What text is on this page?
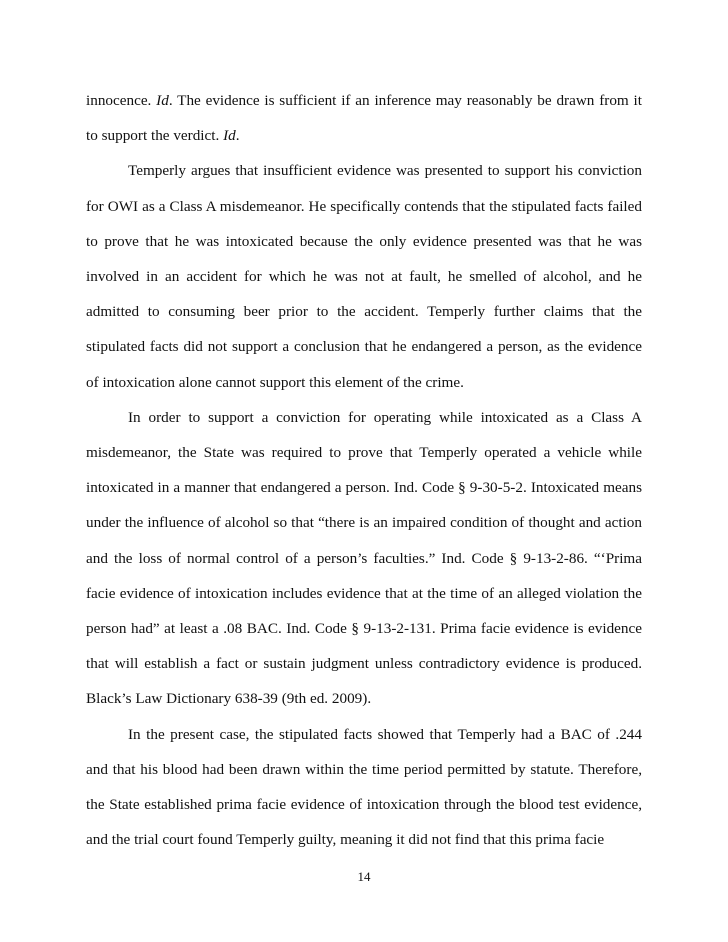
innocence. Id. The evidence is sufficient if an inference may reasonably be drawn from it to support the verdict. Id.

Temperly argues that insufficient evidence was presented to support his conviction for OWI as a Class A misdemeanor. He specifically contends that the stipulated facts failed to prove that he was intoxicated because the only evidence presented was that he was involved in an accident for which he was not at fault, he smelled of alcohol, and he admitted to consuming beer prior to the accident. Temperly further claims that the stipulated facts did not support a conclusion that he endangered a person, as the evidence of intoxication alone cannot support this element of the crime.

In order to support a conviction for operating while intoxicated as a Class A misdemeanor, the State was required to prove that Temperly operated a vehicle while intoxicated in a manner that endangered a person. Ind. Code § 9-30-5-2. Intoxicated means under the influence of alcohol so that “there is an impaired condition of thought and action and the loss of normal control of a person’s faculties.” Ind. Code § 9-13-2-86. “‘Prima facie evidence of intoxication includes evidence that at the time of an alleged violation the person had” at least a .08 BAC. Ind. Code § 9-13-2-131. Prima facie evidence is evidence that will establish a fact or sustain judgment unless contradictory evidence is produced. Black’s Law Dictionary 638-39 (9th ed. 2009).

In the present case, the stipulated facts showed that Temperly had a BAC of .244 and that his blood had been drawn within the time period permitted by statute. Therefore, the State established prima facie evidence of intoxication through the blood test evidence, and the trial court found Temperly guilty, meaning it did not find that this prima facie

14
